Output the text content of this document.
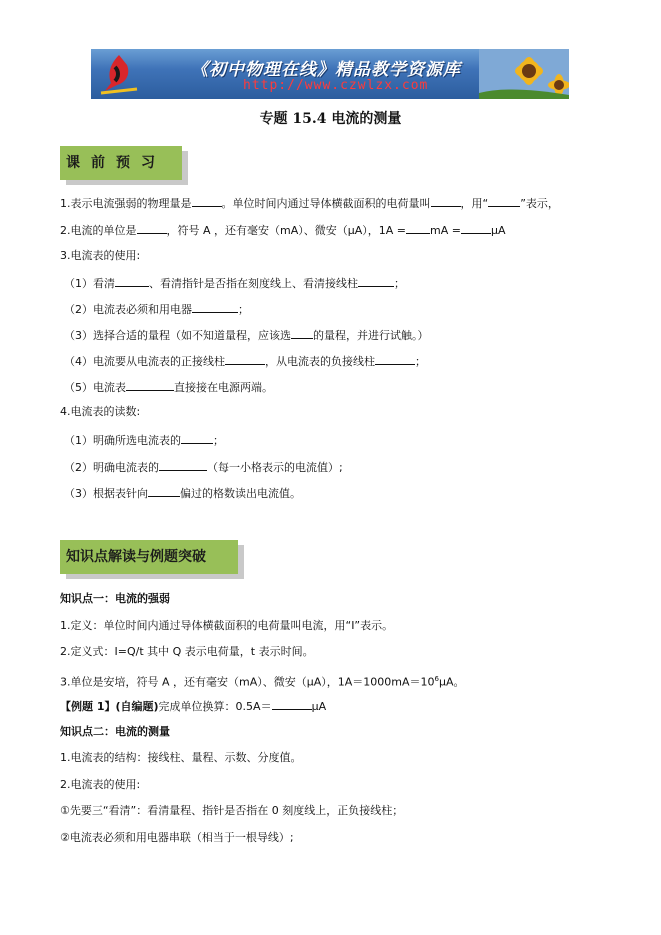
《初中物理在线》精品教学资源库
http://www.czwlzx.com
专题 15.4 电流的测量
课前预习
1.表示电流强弱的物理量是	。单位时间内通过导体横截面积的电荷量叫	，用“	”表示，
2.电流的单位是	，符号 A ，还有毫安（mA）、微安（μA），1A = mA =	μA
3.电流表的使用:
（1）看清	、看清指针是否指在刻度线上、看清接线柱	；
（2）电流表必须和用电器	；
（3）选择合适的量程（如不知道量程，应该选 的量程，并进行试触。）
（4）电流要从电流表的正接线柱	，从电流表的负接线柱	；
（5）电流表	直接接在电源两端。
4.电流表的读数:
（1）明确所选电流表的	；
（2）明确电流表的	（每一小格表示的电流值）;
（3）根据表针向	偏过的格数读出电流值。
知识点解读与例题突破
知识点一：电流的强弱
1.定义：单位时间内通过导体横截面积的电荷量叫电流，用“I”表示。
2.定义式：I=Q/t 其中 Q 表示电荷量，t 表示时间。
3.单位是安培，符号 A ，还有毫安（mA）、微安（μA），$1A=1000mA=10^6\mu A$。
【例题 1】(自编题)完成单位换算：0.5A＝	μA
知识点二：电流的测量
1.电流表的结构：接线柱、量程、示数、分度值。
2.电流表的使用:
①先要三“看清”：看清量程、指针是否指在 0 刻度线上，正负接线柱；
②电流表必须和用电器串联（相当于一根导线）;
